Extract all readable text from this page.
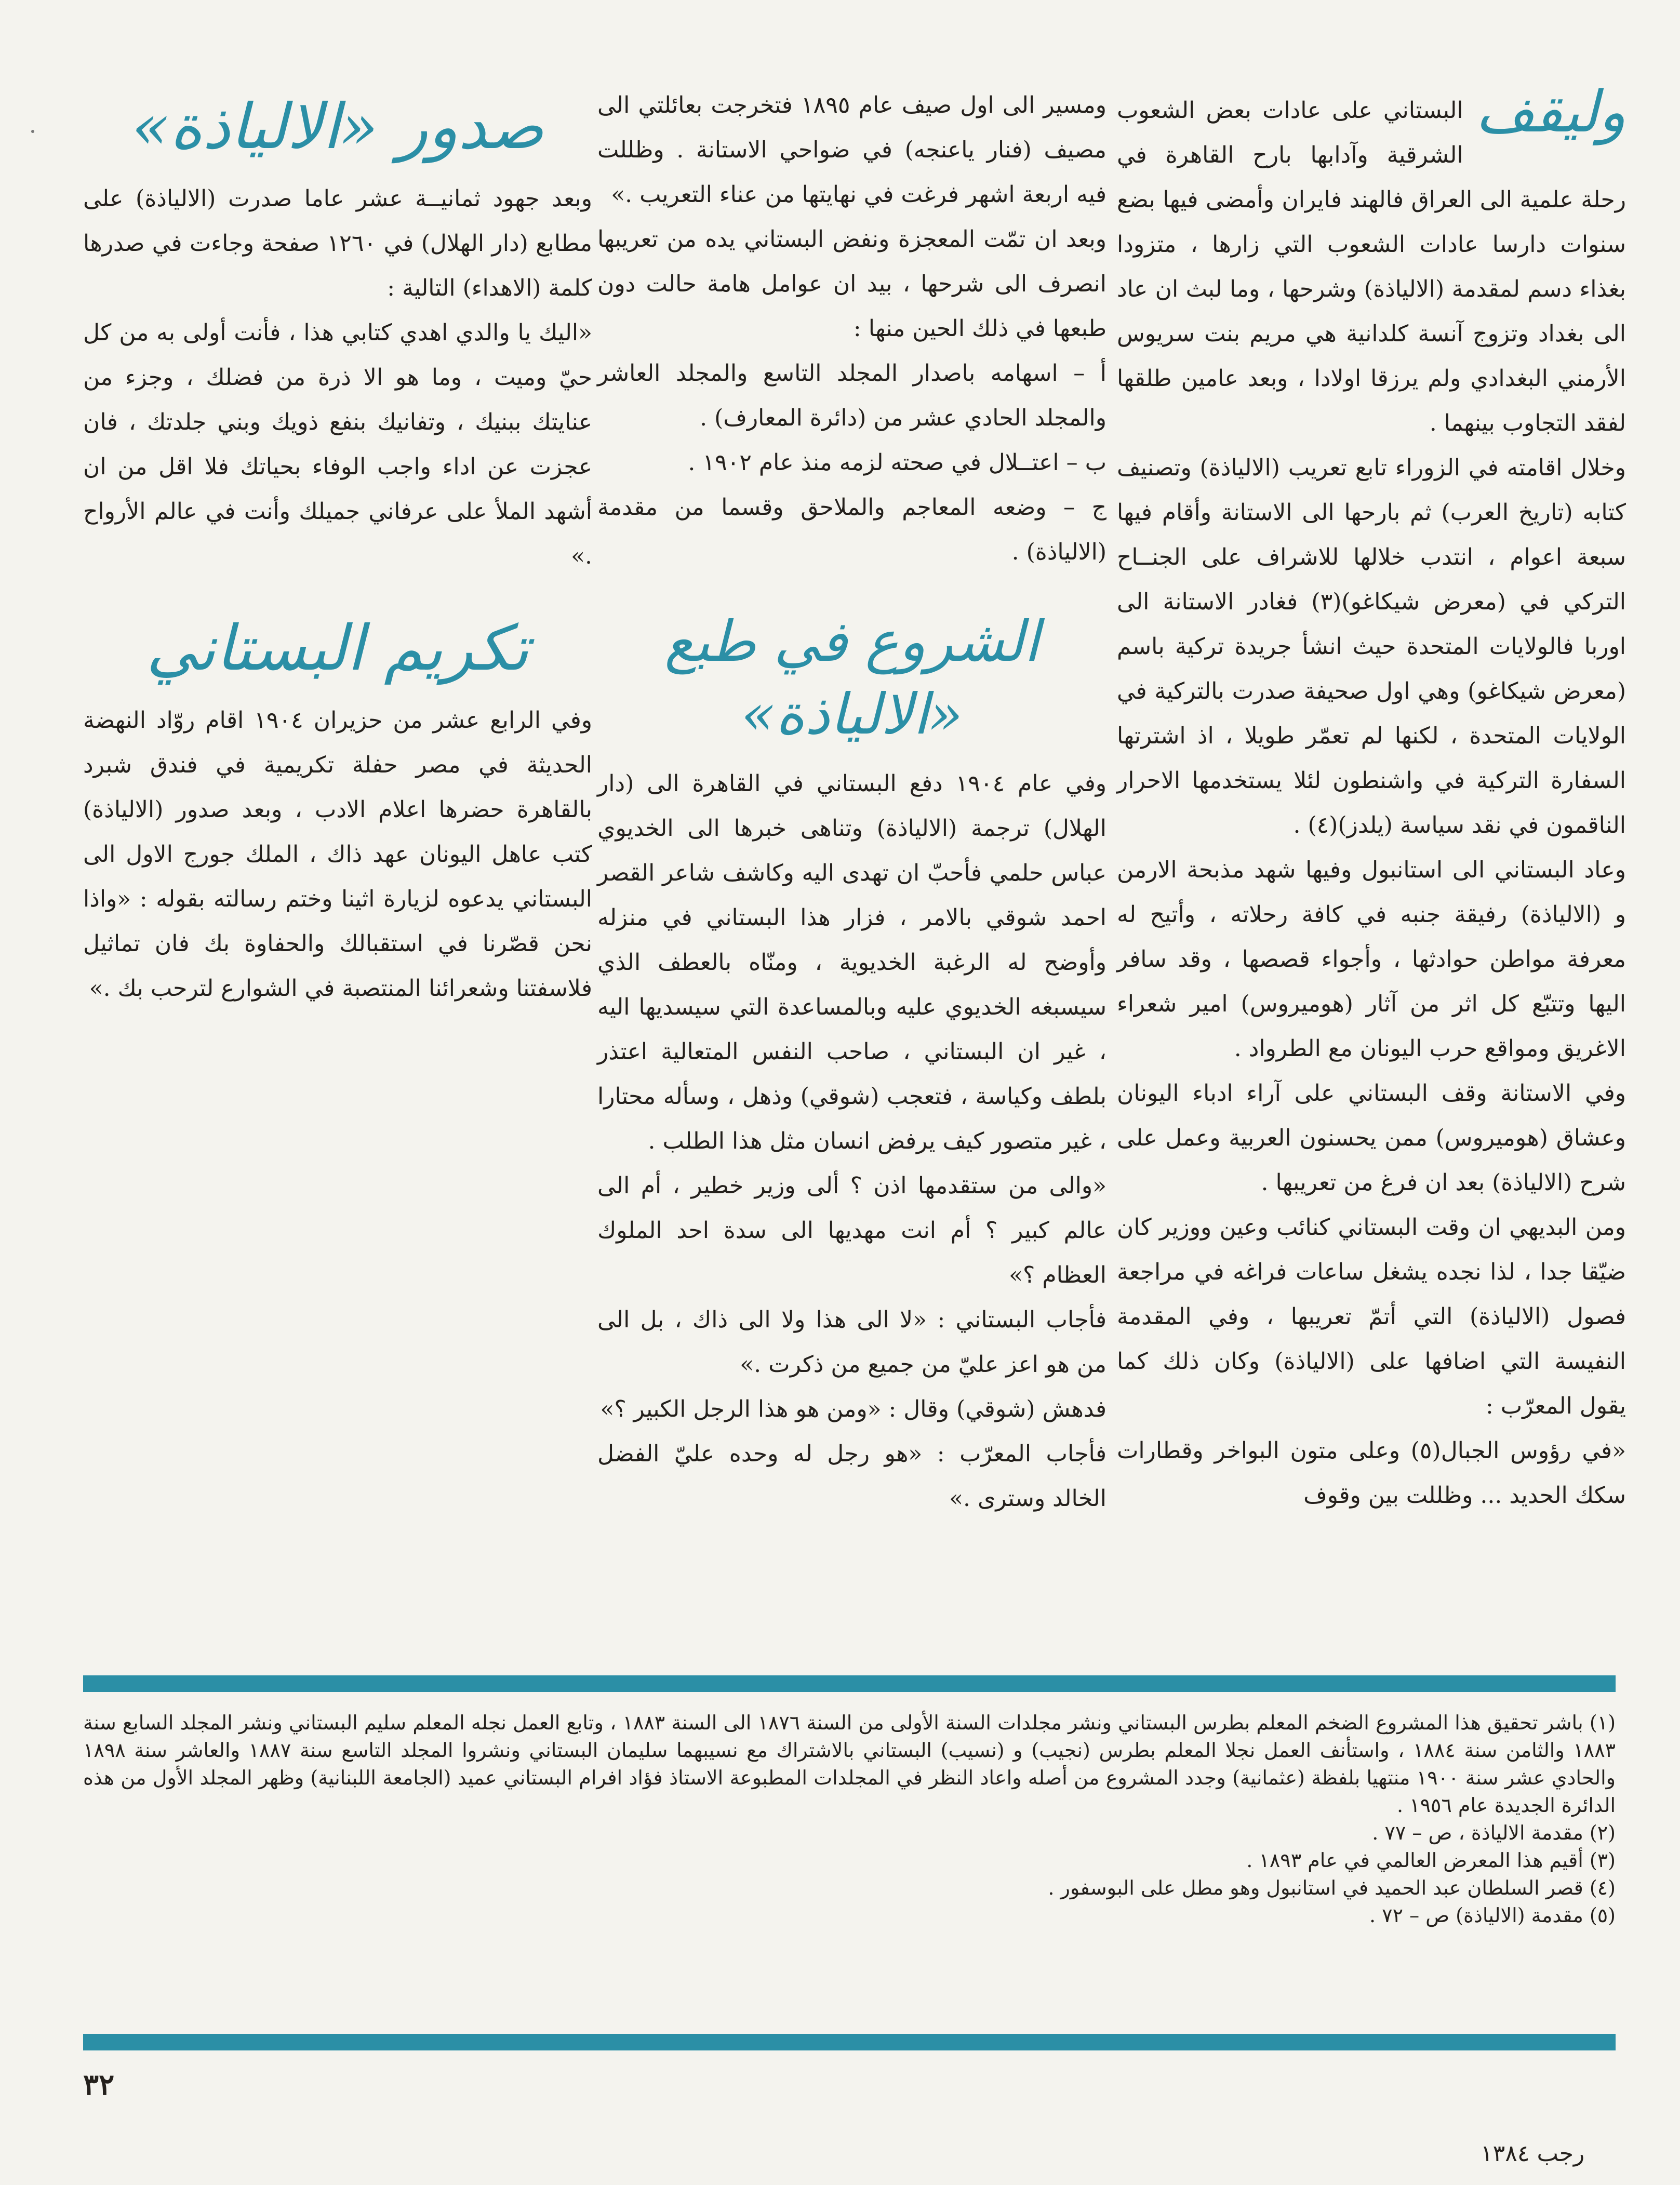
وليقف

البستاني على عادات بعض الشعوب الشرقية وآدابها بارح القاهرة في رحلة علمية الى العراق فالهند فايران وأمضى فيها بضع سنوات دارسا عادات الشعوب التي زارها ، متزودا بغذاء دسم لمقدمة (الالياذة) وشرحها ، وما لبث ان عاد الى بغداد وتزوج آنسة كلدانية هي مريم بنت سريوس الأرمني البغدادي ولم يرزقا اولادا ، وبعد عامين طلقها لفقد التجاوب بينهما .

وخلال اقامته في الزوراء تابع تعريب (الالياذة) وتصنيف كتابه (تاريخ العرب) ثم بارحها الى الاستانة وأقام فيها سبعة اعوام ، انتدب خلالها للاشراف على الجنــاح التركي في (معرض شيكاغو)(٣) فغادر الاستانة الى اوربا فالولايات المتحدة حيث انشأ جريدة تركية باسم (معرض شيكاغو) وهي اول صحيفة صدرت بالتركية في الولايات المتحدة ، لكنها لم تعمّر طويلا ، اذ اشترتها السفارة التركية في واشنطون لئلا يستخدمها الاحرار الناقمون في نقد سياسة (يلدز)(٤) .

وعاد البستاني الى استانبول وفيها شهد مذبحة الارمن و (الالياذة) رفيقة جنبه في كافة رحلاته ، وأتيح له معرفة مواطن حوادثها ، وأجواء قصصها ، وقد سافر اليها وتتبّع كل اثر من آثار (هوميروس) امير شعراء الاغريق ومواقع حرب اليونان مع الطرواد .

وفي الاستانة وقف البستاني على آراء ادباء اليونان وعشاق (هوميروس) ممن يحسنون العربية وعمل على شرح (الالياذة) بعد ان فرغ من تعريبها .

ومن البديهي ان وقت البستاني كنائب وعين ووزير كان ضيّقا جدا ، لذا نجده يشغل ساعات فراغه في مراجعة فصول (الالياذة) التي أتمّ تعريبها ، وفي المقدمة النفيسة التي اضافها على (الالياذة) وكان ذلك كما يقول المعرّب :

«في رؤوس الجبال(٥) وعلى متون البواخر وقطارات سكك الحديد ... وظللت بين وقوف

ومسير الى اول صيف عام ١٨٩٥ فتخرجت بعائلتي الى مصيف (فنار ياعنجه) في ضواحي الاستانة . وظللت فيه اربعة اشهر فرغت في نهايتها من عناء التعريب .»

وبعد ان تمّت المعجزة ونفض البستاني يده من تعريبها انصرف الى شرحها ، بيد ان عوامل هامة حالت دون طبعها في ذلك الحين منها :

أ – اسهامه باصدار المجلد التاسع والمجلد العاشر والمجلد الحادي عشر من (دائرة المعارف) .

ب – اعتــلال في صحته لزمه منذ عام ١٩٠٢ .

ج – وضعه المعاجم والملاحق وقسما من مقدمة (الالياذة) .

الشروع في طبع «الالياذة»

وفي عام ١٩٠٤ دفع البستاني في القاهرة الى (دار الهلال) ترجمة (الالياذة) وتناهى خبرها الى الخديوي عباس حلمي فأحبّ ان تهدى اليه وكاشف شاعر القصر احمد شوقي بالامر ، فزار هذا البستاني في منزله وأوضح له الرغبة الخديوية ، ومنّاه بالعطف الذي سيسبغه الخديوي عليه وبالمساعدة التي سيسديها اليه ، غير ان البستاني ، صاحب النفس المتعالية اعتذر بلطف وكياسة ، فتعجب (شوقي) وذهل ، وسأله محتارا ، غير متصور كيف يرفض انسان مثل هذا الطلب .

«والى من ستقدمها اذن ؟ ألى وزير خطير ، أم الى عالم كبير ؟ أم انت مهديها الى سدة احد الملوك العظام ؟»

فأجاب البستاني : «لا الى هذا ولا الى ذاك ، بل الى من هو اعز عليّ من جميع من ذكرت .»

فدهش (شوقي) وقال : «ومن هو هذا الرجل الكبير ؟»

فأجاب المعرّب : «هو رجل له وحده عليّ الفضل الخالد وسترى .»

صدور «الالياذة»

وبعد جهود ثمانيــة عشر عاما صدرت (الالياذة) على مطابع (دار الهلال) في ١٢٦٠ صفحة وجاءت في صدرها كلمة (الاهداء) التالية :

«اليك يا والدي اهدي كتابي هذا ، فأنت أولى به من كل حيّ وميت ، وما هو الا ذرة من فضلك ، وجزء من عنايتك ببنيك ، وتفانيك بنفع ذويك وبني جلدتك ، فان عجزت عن اداء واجب الوفاء بحياتك فلا اقل من ان أشهد الملأ على عرفاني جميلك وأنت في عالم الأرواح .»

تكريم البستاني

وفي الرابع عشر من حزيران ١٩٠٤ اقام روّاد النهضة الحديثة في مصر حفلة تكريمية في فندق شبرد بالقاهرة حضرها اعلام الادب ، وبعد صدور (الالياذة) كتب عاهل اليونان عهد ذاك ، الملك جورج الاول الى البستاني يدعوه لزيارة اثينا وختم رسالته بقوله : «واذا نحن قصّرنا في استقبالك والحفاوة بك فان تماثيل فلاسفتنا وشعرائنا المنتصبة في الشوارع لترحب بك .»

(١) باشر تحقيق هذا المشروع الضخم المعلم بطرس البستاني ونشر مجلدات السنة الأولى من السنة ١٨٧٦ الى السنة ١٨٨٣ ، وتابع العمل نجله المعلم سليم البستاني ونشر المجلد السابع سنة ١٨٨٣ والثامن سنة ١٨٨٤ ، واستأنف العمل نجلا المعلم بطرس (نجيب) و (نسيب) البستاني بالاشتراك مع نسيبهما سليمان البستاني ونشروا المجلد التاسع سنة ١٨٨٧ والعاشر سنة ١٨٩٨ والحادي عشر سنة ١٩٠٠ منتهيا بلفظة (عثمانية) وجدد المشروع من أصله واعاد النظر في المجلدات المطبوعة الاستاذ فؤاد افرام البستاني عميد (الجامعة اللبنانية) وظهر المجلد الأول من هذه الدائرة الجديدة عام ١٩٥٦ .

(٢) مقدمة الالياذة ، ص – ٧٧ .

(٣) أقيم هذا المعرض العالمي في عام ١٨٩٣ .

(٤) قصر السلطان عبد الحميد في استانبول وهو مطل على البوسفور .

(٥) مقدمة (الالياذة) ص – ٧٢ .

٣٢
رجب ١٣٨٤
